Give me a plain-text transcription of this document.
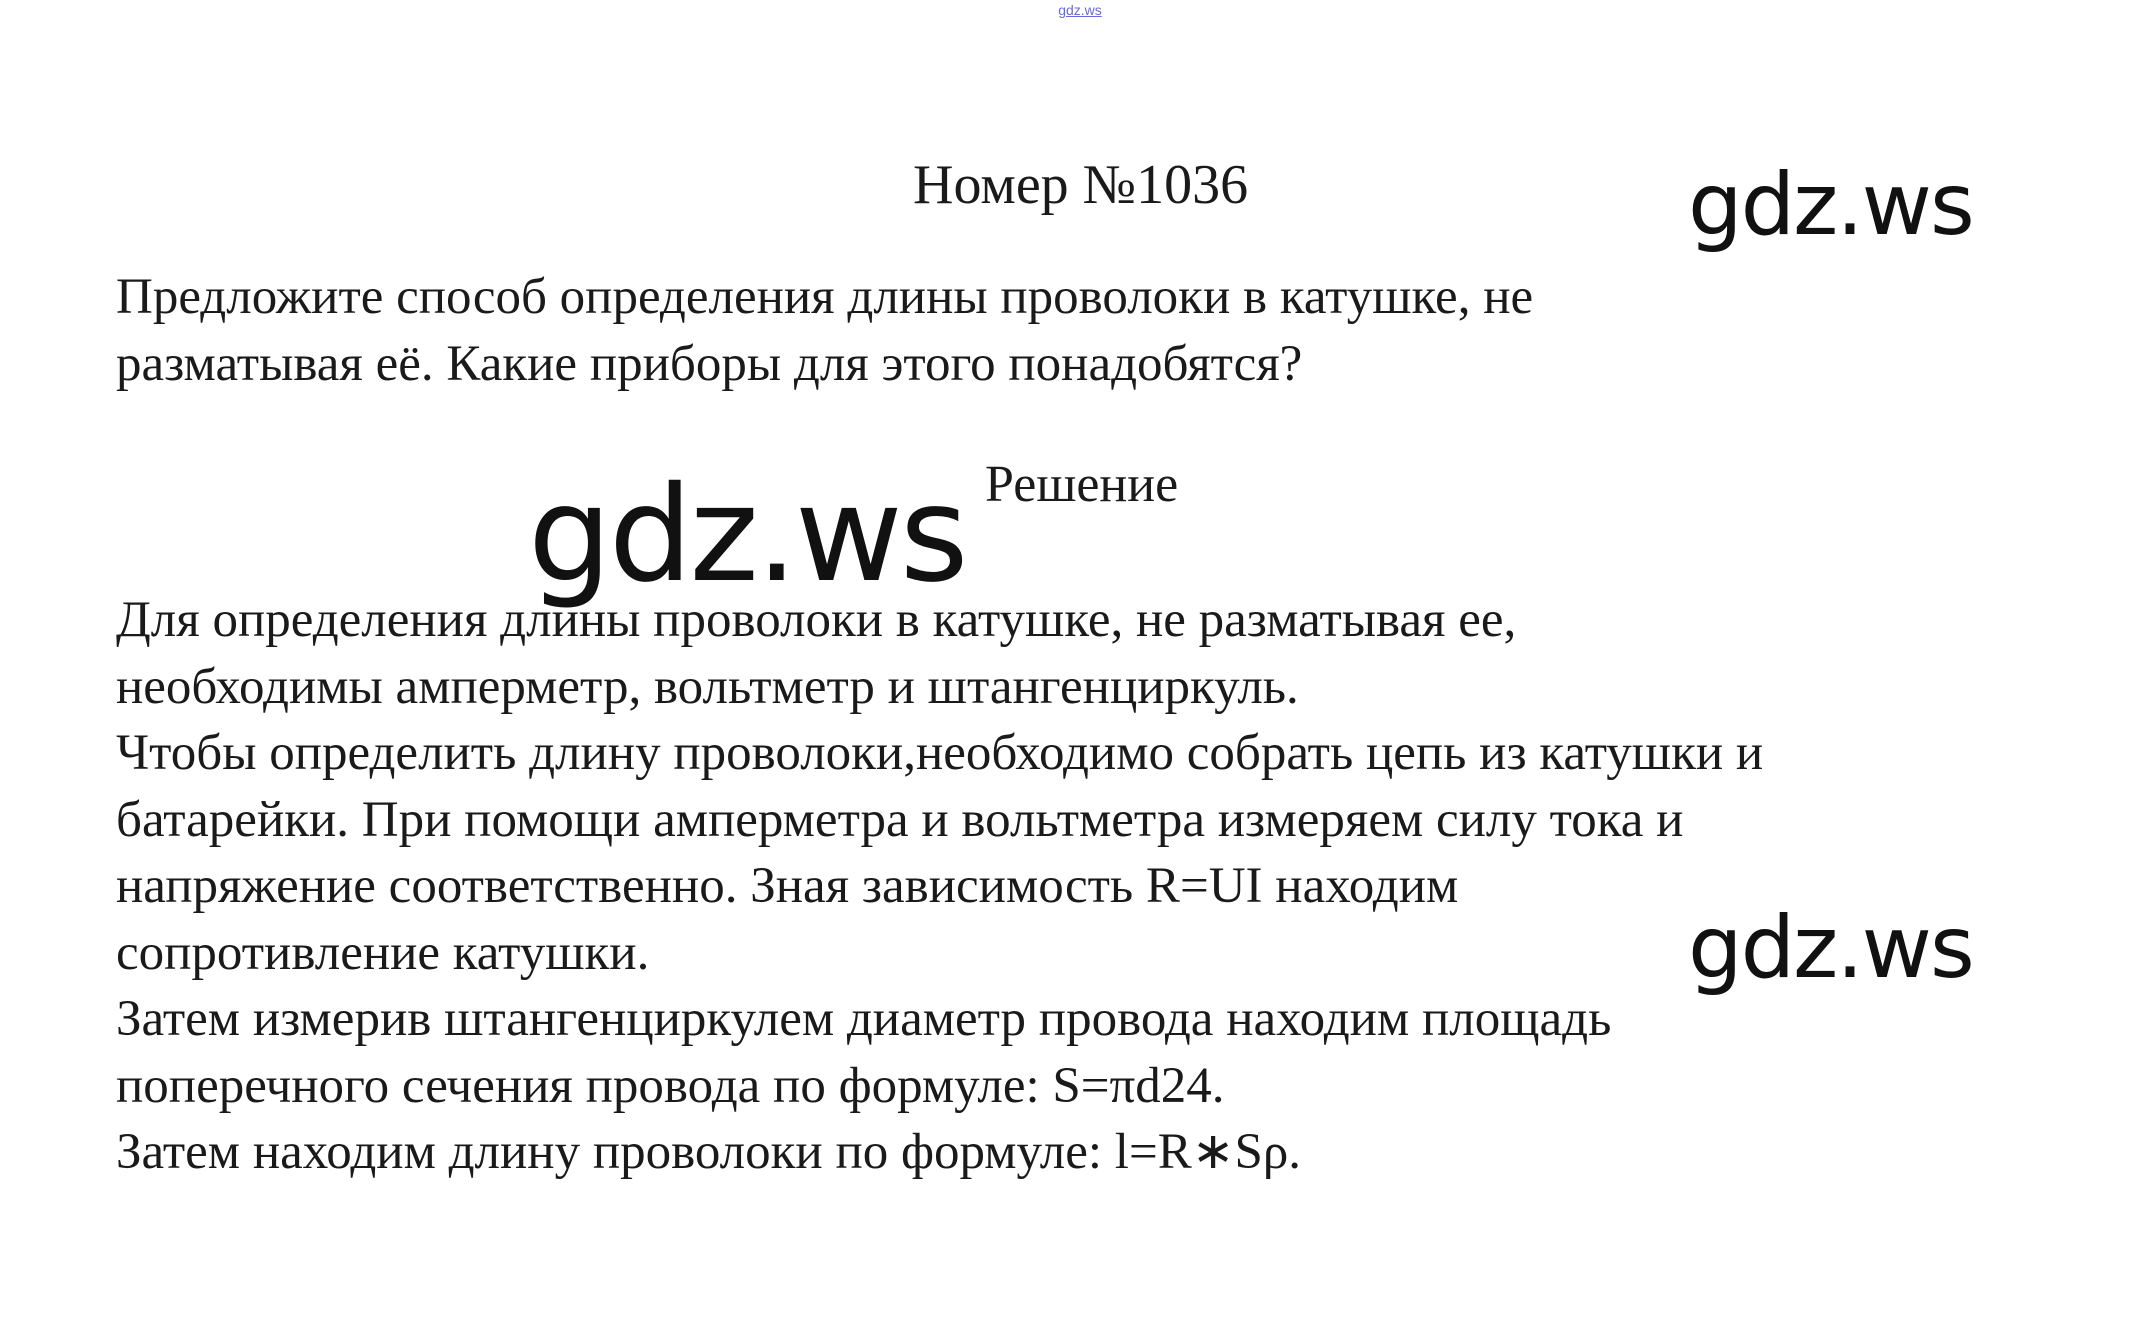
gdz.ws
Номер №1036	gdz.ws
Предложите способ определения длины проволоки в катушке, не
разматывая её. Какие приборы для этого понадобятся?
Решение
Для определения длины проволоки в катушке, не разматывая ее,
необходимы амперметр, вольтметр и штангенциркуль.
Чтобы определить длину проволоки,необходимо собрать цепь из катушки и
батарейки. При помощи амперметра и вольтметра измеряем силу тока и
напряжение соответственно. Зная зависимость R=UI находим
сопротивление катушки.
Затем измерив штангенциркулем диаметр провода находим площадь
поперечного сечения провода по формуле: S=πd24.
Затем находим длину проволоки по формуле: l=R∗Sρ.
gdz.ws
gdz.ws
